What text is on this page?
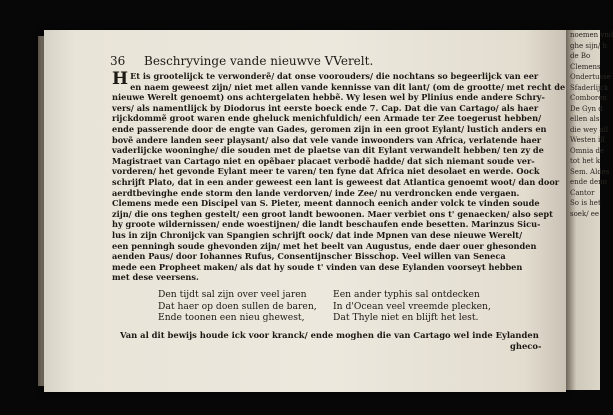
noemen vnd
ghe sijn/ h
de Bo
Clemens
Ondertusse
Sfaderlijck
Comboren
De Gyn d
ellen als
die wey all
Westen ill
Omnia de
tot het k
Sem. Aldes
ende deno
Cantor
So is het
soek/ ee
36 Beschryvinge vande nieuwve VVerelt.
H Et is grootelijck te verwonderẽ/ dat onse voorouders/ die nochtans so begeerlijck van eer
en naem geweest zijn/ niet met allen vande kennisse van dit lant/ (om de grootte/ met recht de
nieuwe Werelt genoemt) ons achtergelaten hebbẽ. Wy lesen wel by Plinius ende andere Schry-
vers/ als namentlijck by Diodorus int eerste boeck ende 7. Cap. Dat die van Cartago/ als haer
rijckdommẽ groot waren ende gheluck menichfuldich/ een Armade ter Zee toegerust hebben/
ende passerende door de engte van Gades, geromen zijn in een groot Eylant/ lustich anders en
bovẽ andere landen seer playsant/ also dat vele vande inwoonders van Africa, verlatende haer
vaderlijcke wooninghe/ die souden met de plaetse van dit Eylant verwandelt hebben/ ten zy de
Magistraet van Cartago niet en opẽbaer placaet verbodẽ hadde/ dat sich niemant soude ver-
vorderen/ het gevonde Eylant meer te varen/ ten fyne dat Africa niet desolaet en werde. Oock
schrijft Plato, dat in een ander geweest een lant is geweest dat Atlantica genoemt woot/ dan door
aerdtbevinghe ende storm den lande verdorven/ inde Zee/ nu verdroncken ende vergaen.
Clemens mede een Discipel van S. Pieter, meent dannoch eenich ander volck te vinden soude
zijn/ die ons teghen gestelt/ een groot landt bewoonen. Maer verbiet ons t' genaecken/ also sept
hy groote wildernissen/ ende woestijnen/ die landt beschaufen ende besetten. Marinzus Sicu-
lus in zijn Chronijck van Spangien schrijft oock/ dat inde Mpnen van dese nieuwe Werelt/
een penningh soude ghevonden zijn/ met het beelt van Augustus, ende daer ouer ghesonden
aenden Paus/ door Iohannes Rufus, Consentijnscher Bisschop. Veel willen van Seneca
mede een Propheet maken/ als dat hy soude t' vinden van dese Eylanden voorseyt hebben
met dese veersens.
Den tijdt sal zijn over veel jaren
Dat haer op doen sullen de baren,
Ende toonen een nieu ghewest,
Een ander typhis sal ontdecken
In d'Ocean veel vreemde plecken,
Dat Thyle niet en blijft het lest.
Van al dit bewijs houde ick voor kranck/ ende moghen die van Cartago wel inde Eylanden
gheco-
